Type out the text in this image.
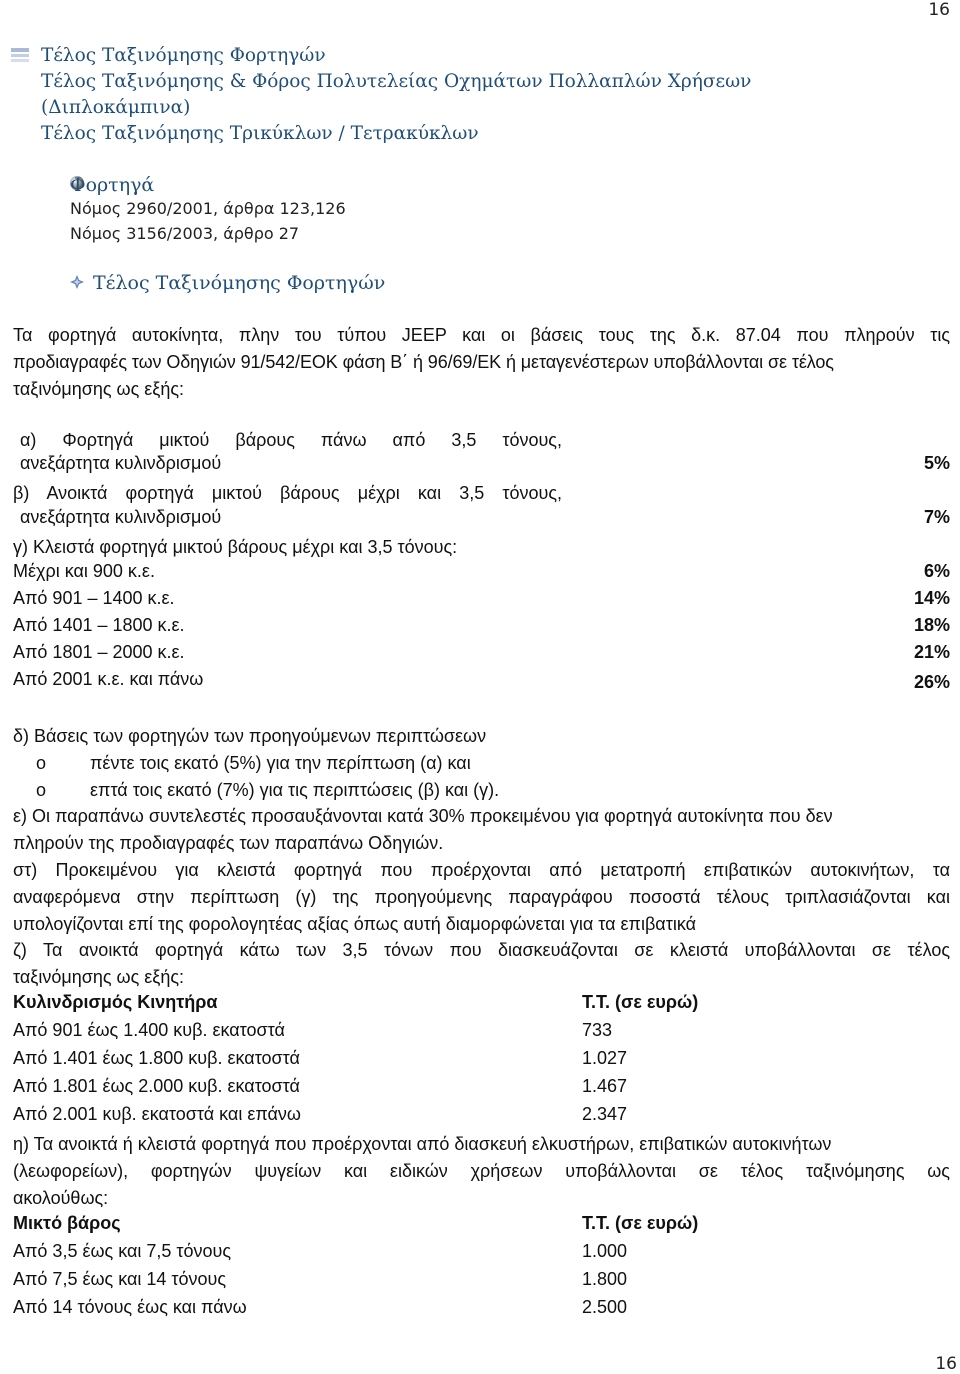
16
Τέλος Ταξινόμησης Φορτηγών
Τέλος Ταξινόμησης & Φόρος Πολυτελείας Οχημάτων Πολλαπλών Χρήσεων
(Διπλοκάμπινα)
Τέλος Ταξινόμησης Τρικύκλων / Τετρακύκλων
Φορτηγά
Νόμος 2960/2001, άρθρα 123,126
Νόμος 3156/2003, άρθρο 27
Τέλος Ταξινόμησης Φορτηγών
Τα φορτηγά αυτοκίνητα, πλην του τύπου JEEP και οι βάσεις τους της δ.κ. 87.04 που πληρούν τις
προδιαγραφές των Οδηγιών 91/542/ΕΟΚ φάση Β΄ ή 96/69/ΕΚ ή μεταγενέστερων υποβάλλονται σε τέλος
ταξινόμησης ως εξής:
α) Φορτηγά μικτού βάρους πάνω από 3,5 τόνους,
ανεξάρτητα κυλινδρισμού	5%
β) Ανοικτά φορτηγά μικτού βάρους μέχρι και 3,5 τόνους,
ανεξάρτητα κυλινδρισμού	7%
γ) Κλειστά φορτηγά μικτού βάρους μέχρι και 3,5 τόνους:
Μέχρι και 900 κ.ε.	6%
Από 901 – 1400 κ.ε.	14%
Από 1401 – 1800 κ.ε.	18%
Από 1801 – 2000 κ.ε.	21%
Από 2001 κ.ε. και πάνω	26%
δ) Βάσεις των φορτηγών των προηγούμενων περιπτώσεων
o πέντε τοις εκατό (5%) για την περίπτωση (α) και
o επτά τοις εκατό (7%) για τις περιπτώσεις (β) και (γ).
ε) Οι παραπάνω συντελεστές προσαυξάνονται κατά 30% προκειμένου για φορτηγά αυτοκίνητα που δεν
πληρούν της προδιαγραφές των παραπάνω Οδηγιών.
στ) Προκειμένου για κλειστά φορτηγά που προέρχονται από μετατροπή επιβατικών αυτοκινήτων, τα
αναφερόμενα στην περίπτωση (γ) της προηγούμενης παραγράφου ποσοστά τέλους τριπλασιάζονται και
υπολογίζονται επί της φορολογητέας αξίας όπως αυτή διαμορφώνεται για τα επιβατικά
ζ) Τα ανοικτά φορτηγά κάτω των 3,5 τόνων που διασκευάζονται σε κλειστά υποβάλλονται σε τέλος
ταξινόμησης ως εξής:
Κυλινδρισμός Κινητήρα	Τ.Τ. (σε ευρώ)
Από 901 έως 1.400 κυβ. εκατοστά	733
Από 1.401 έως 1.800 κυβ. εκατοστά	1.027
Από 1.801 έως 2.000 κυβ. εκατοστά	1.467
Από 2.001 κυβ. εκατοστά και επάνω	2.347
η) Τα ανοικτά ή κλειστά φορτηγά που προέρχονται από διασκευή ελκυστήρων, επιβατικών αυτοκινήτων
(λεωφορείων), φορτηγών ψυγείων και ειδικών χρήσεων υποβάλλονται σε τέλος ταξινόμησης ως
ακολούθως:
Μικτό βάρος	Τ.Τ. (σε ευρώ)
Από 3,5 έως και 7,5 τόνους	1.000
Από 7,5 έως και 14 τόνους	1.800
Από 14 τόνους έως και πάνω	2.500
16
